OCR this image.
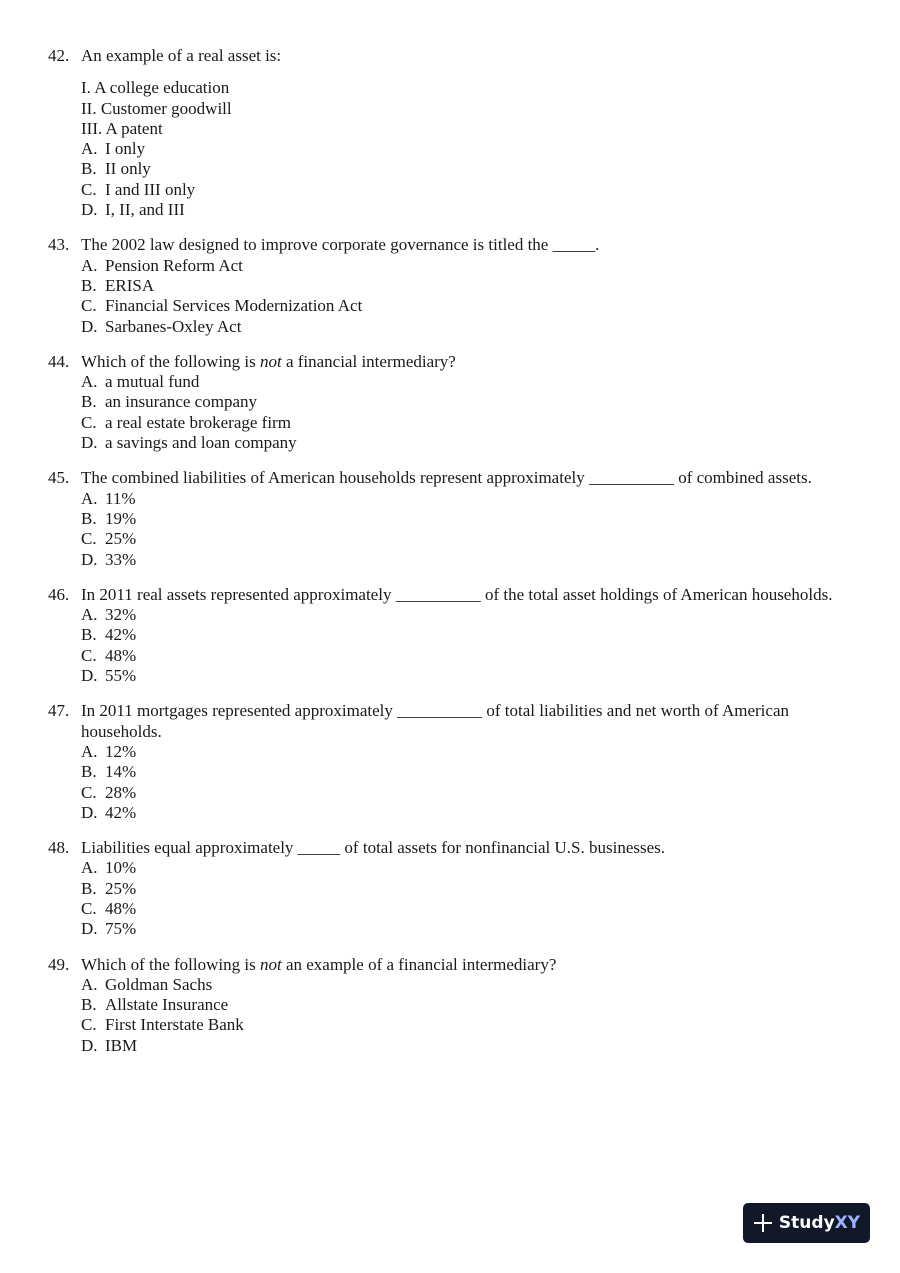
42. An example of a real asset is:
I. A college education
II. Customer goodwill
III. A patent
A. I only
B. II only
C. I and III only
D. I, II, and III
43. The 2002 law designed to improve corporate governance is titled the _____.
A. Pension Reform Act
B. ERISA
C. Financial Services Modernization Act
D. Sarbanes-Oxley Act
44. Which of the following is not a financial intermediary?
A. a mutual fund
B. an insurance company
C. a real estate brokerage firm
D. a savings and loan company
45. The combined liabilities of American households represent approximately __________ of combined assets.
A. 11%
B. 19%
C. 25%
D. 33%
46. In 2011 real assets represented approximately __________ of the total asset holdings of American households.
A. 32%
B. 42%
C. 48%
D. 55%
47. In 2011 mortgages represented approximately __________ of total liabilities and net worth of American households.
A. 12%
B. 14%
C. 28%
D. 42%
48. Liabilities equal approximately _____ of total assets for nonfinancial U.S. businesses.
A. 10%
B. 25%
C. 48%
D. 75%
49. Which of the following is not an example of a financial intermediary?
A. Goldman Sachs
B. Allstate Insurance
C. First Interstate Bank
D. IBM
Study XY
